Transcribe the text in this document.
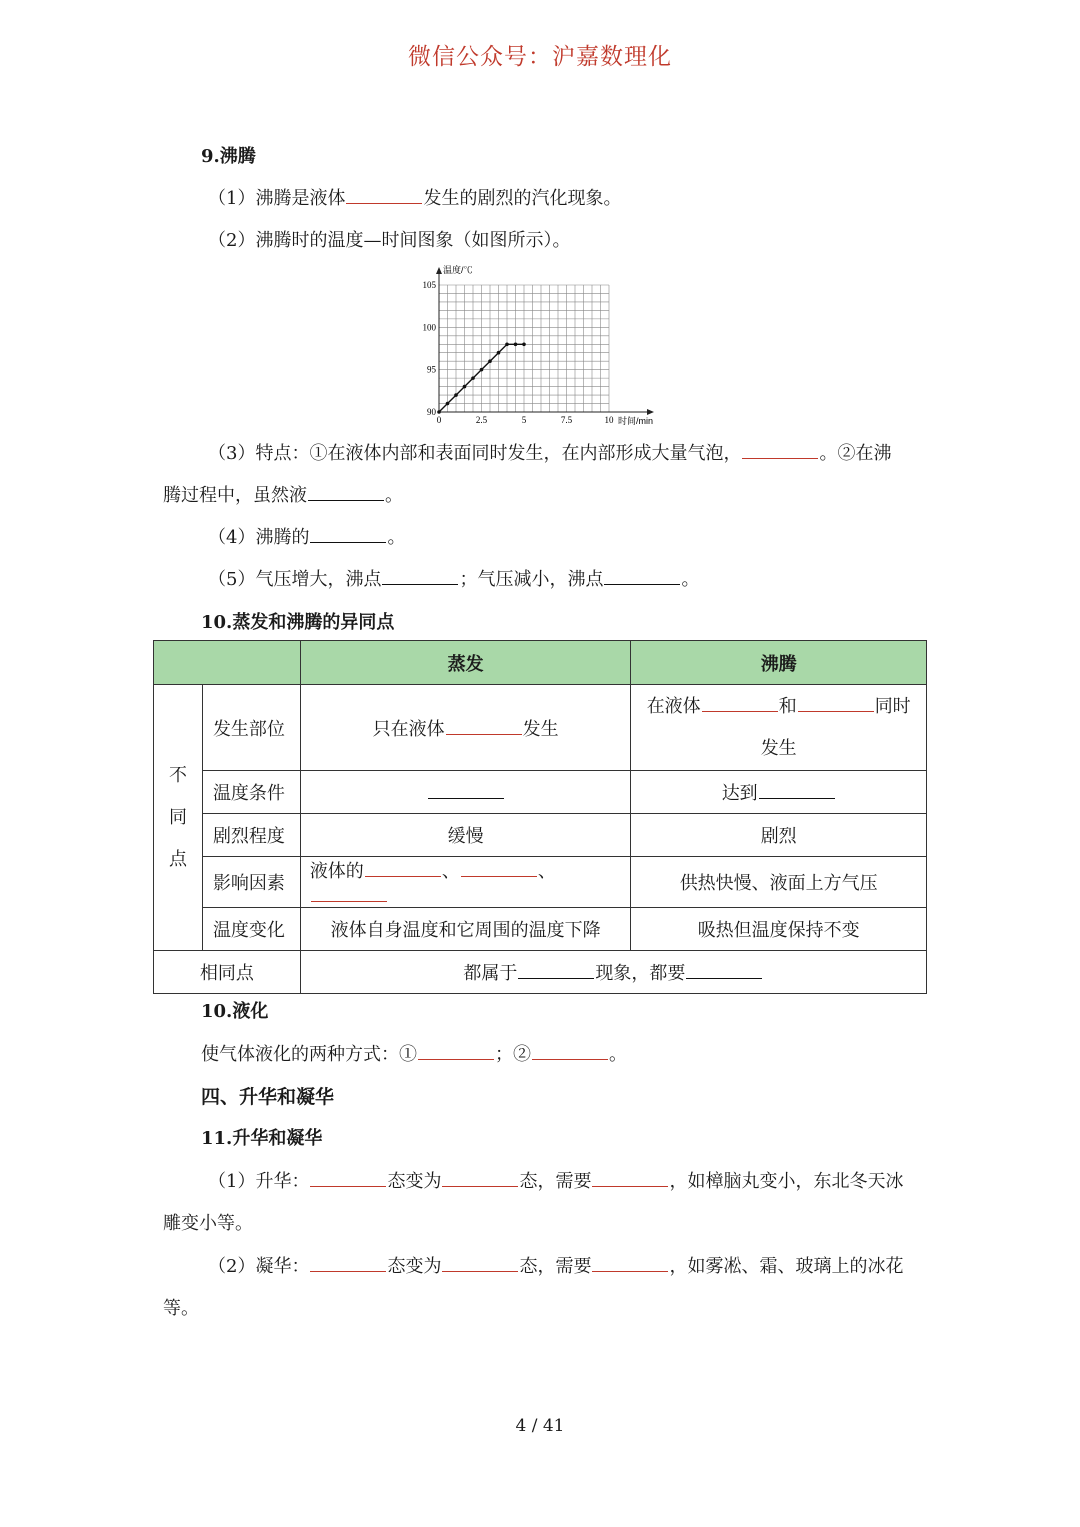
微信公众号：沪嘉数理化
9.沸腾
（1）沸腾是液体	发生的剧烈的汽化现象。
（2）沸腾时的温度—时间图象（如图所示）。
0	2.5	5	7.5	10
90
95
100
105
温度/℃
时间/min
（3）特点：①在液体内部和表面同时发生，在内部形成大量气泡，	。②在沸
腾过程中，虽然液	。
（4）沸腾的	。
（5）气压增大，沸点	；气压减小，沸点	。
10.蒸发和沸腾的异同点
		蒸发	沸腾
不
同
点	发生部位	只在液体 发生	在液体 和 同时
发生
	温度条件		达到
	剧烈程度	缓慢	剧烈
	影响因素	液体的 、 、	供热快慢、液面上方气压
	温度变化	液体自身温度和它周围的温度下降	吸热但温度保持不变
相同点		都属于 现象，都要	
10.液化
使气体液化的两种方式：①	；②	。
四、升华和凝华
11.升华和凝华
（1）升华：	态变为	态，需要	，如樟脑丸变小，东北冬天冰
雕变小等。
（2）凝华：	态变为	态，需要	，如雾凇、霜、玻璃上的冰花
等。
4 / 41
